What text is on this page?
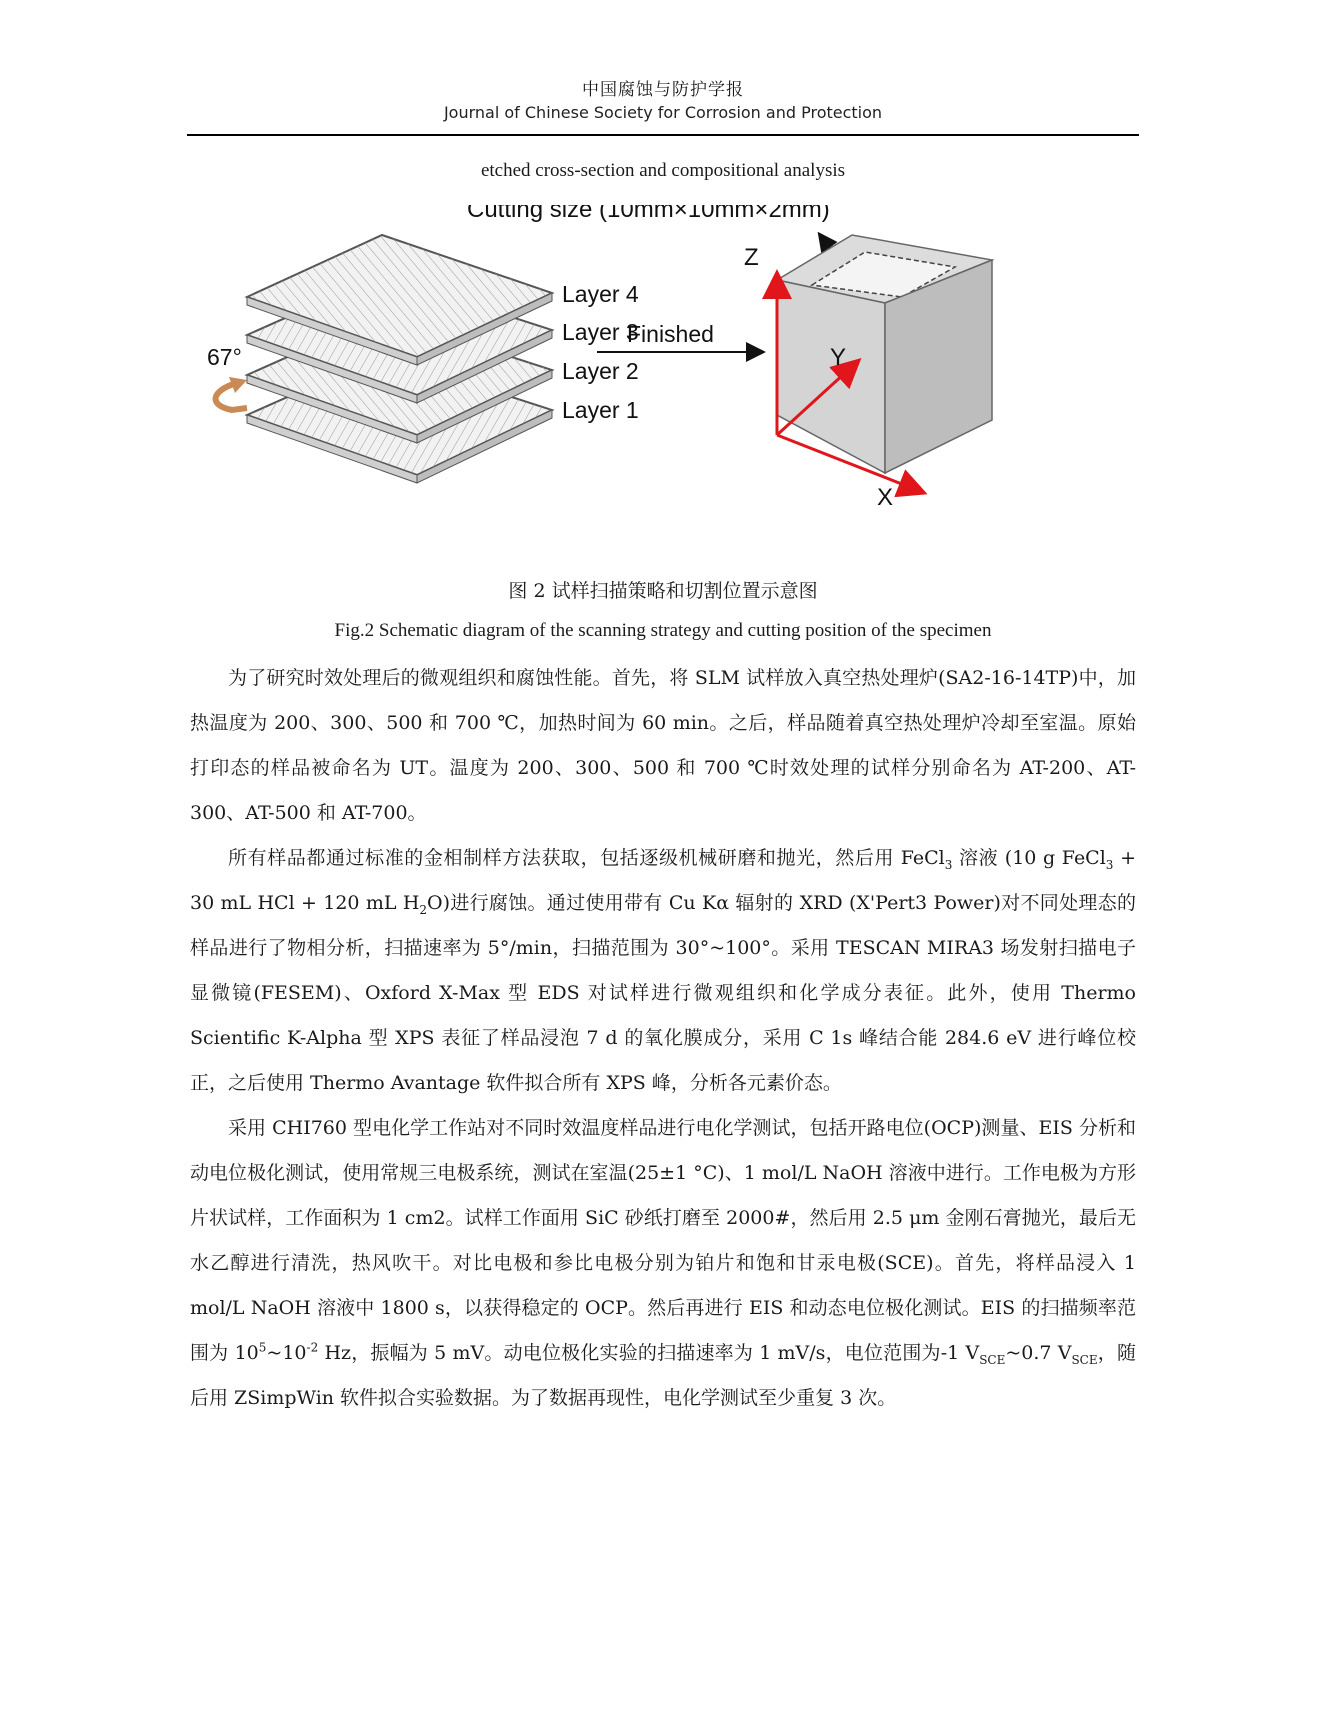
中国腐蚀与防护学报
Journal of Chinese Society for Corrosion and Protection
etched cross-section and compositional analysis
Layer 4
Layer 3
Layer 2
Layer 1
67°
Finished
Cutting size (10mm×10mm×2mm)
Z
Y
X
图 2 试样扫描策略和切割位置示意图
Fig.2 Schematic diagram of the scanning strategy and cutting position of the specimen

为了研究时效处理后的微观组织和腐蚀性能。首先，将 SLM 试样放入真空热处理炉(SA2-16-14TP)中，加热温度为 200、300、500 和 700 ℃，加热时间为 60 min。之后，样品随着真空热处理炉冷却至室温。原始打印态的样品被命名为 UT。温度为 200、300、500 和 700 ℃时效处理的试样分别命名为 AT-200、AT-300、AT-500 和 AT-700。

所有样品都通过标准的金相制样方法获取，包括逐级机械研磨和抛光，然后用 FeCl$_3$ 溶液 (10 g FeCl$_3$ + 30 mL HCl + 120 mL $H_2O$)进行腐蚀。通过使用带有 Cu Kα 辐射的 XRD (X'Pert3 Power)对不同处理态的样品进行了物相分析，扫描速率为 5°/min，扫描范围为 30°~100°。采用 TESCAN MIRA3 场发射扫描电子显微镜(FESEM)、Oxford X-Max 型 EDS 对试样进行微观组织和化学成分表征。此外，使用 Thermo Scientific K-Alpha 型 XPS 表征了样品浸泡 7 d 的氧化膜成分，采用 C 1s 峰结合能 284.6 eV 进行峰位校正，之后使用 Thermo Avantage 软件拟合所有 XPS 峰，分析各元素价态。

采用 CHI760 型电化学工作站对不同时效温度样品进行电化学测试，包括开路电位(OCP)测量、EIS 分析和动电位极化测试，使用常规三电极系统，测试在室温(25±1 °C)、1 mol/L NaOH 溶液中进行。工作电极为方形片状试样，工作面积为 1 cm2。试样工作面用 SiC 砂纸打磨至 2000#，然后用 2.5 μm 金刚石膏抛光，最后无水乙醇进行清洗，热风吹干。对比电极和参比电极分别为铂片和饱和甘汞电极(SCE)。首先，将样品浸入 1 mol/L NaOH 溶液中 1800 s，以获得稳定的 OCP。然后再进行 EIS 和动态电位极化测试。EIS 的扫描频率范围为 $10^5\sim 10^{-2}$ Hz，振幅为 5 mV。动电位极化实验的扫描速率为 1 mV/s，电位范围为-1 $V_{SCE}\sim 0.7$ $V_{SCE}$，随后用 ZSimpWin 软件拟合实验数据。为了数据再现性，电化学测试至少重复 3 次。
